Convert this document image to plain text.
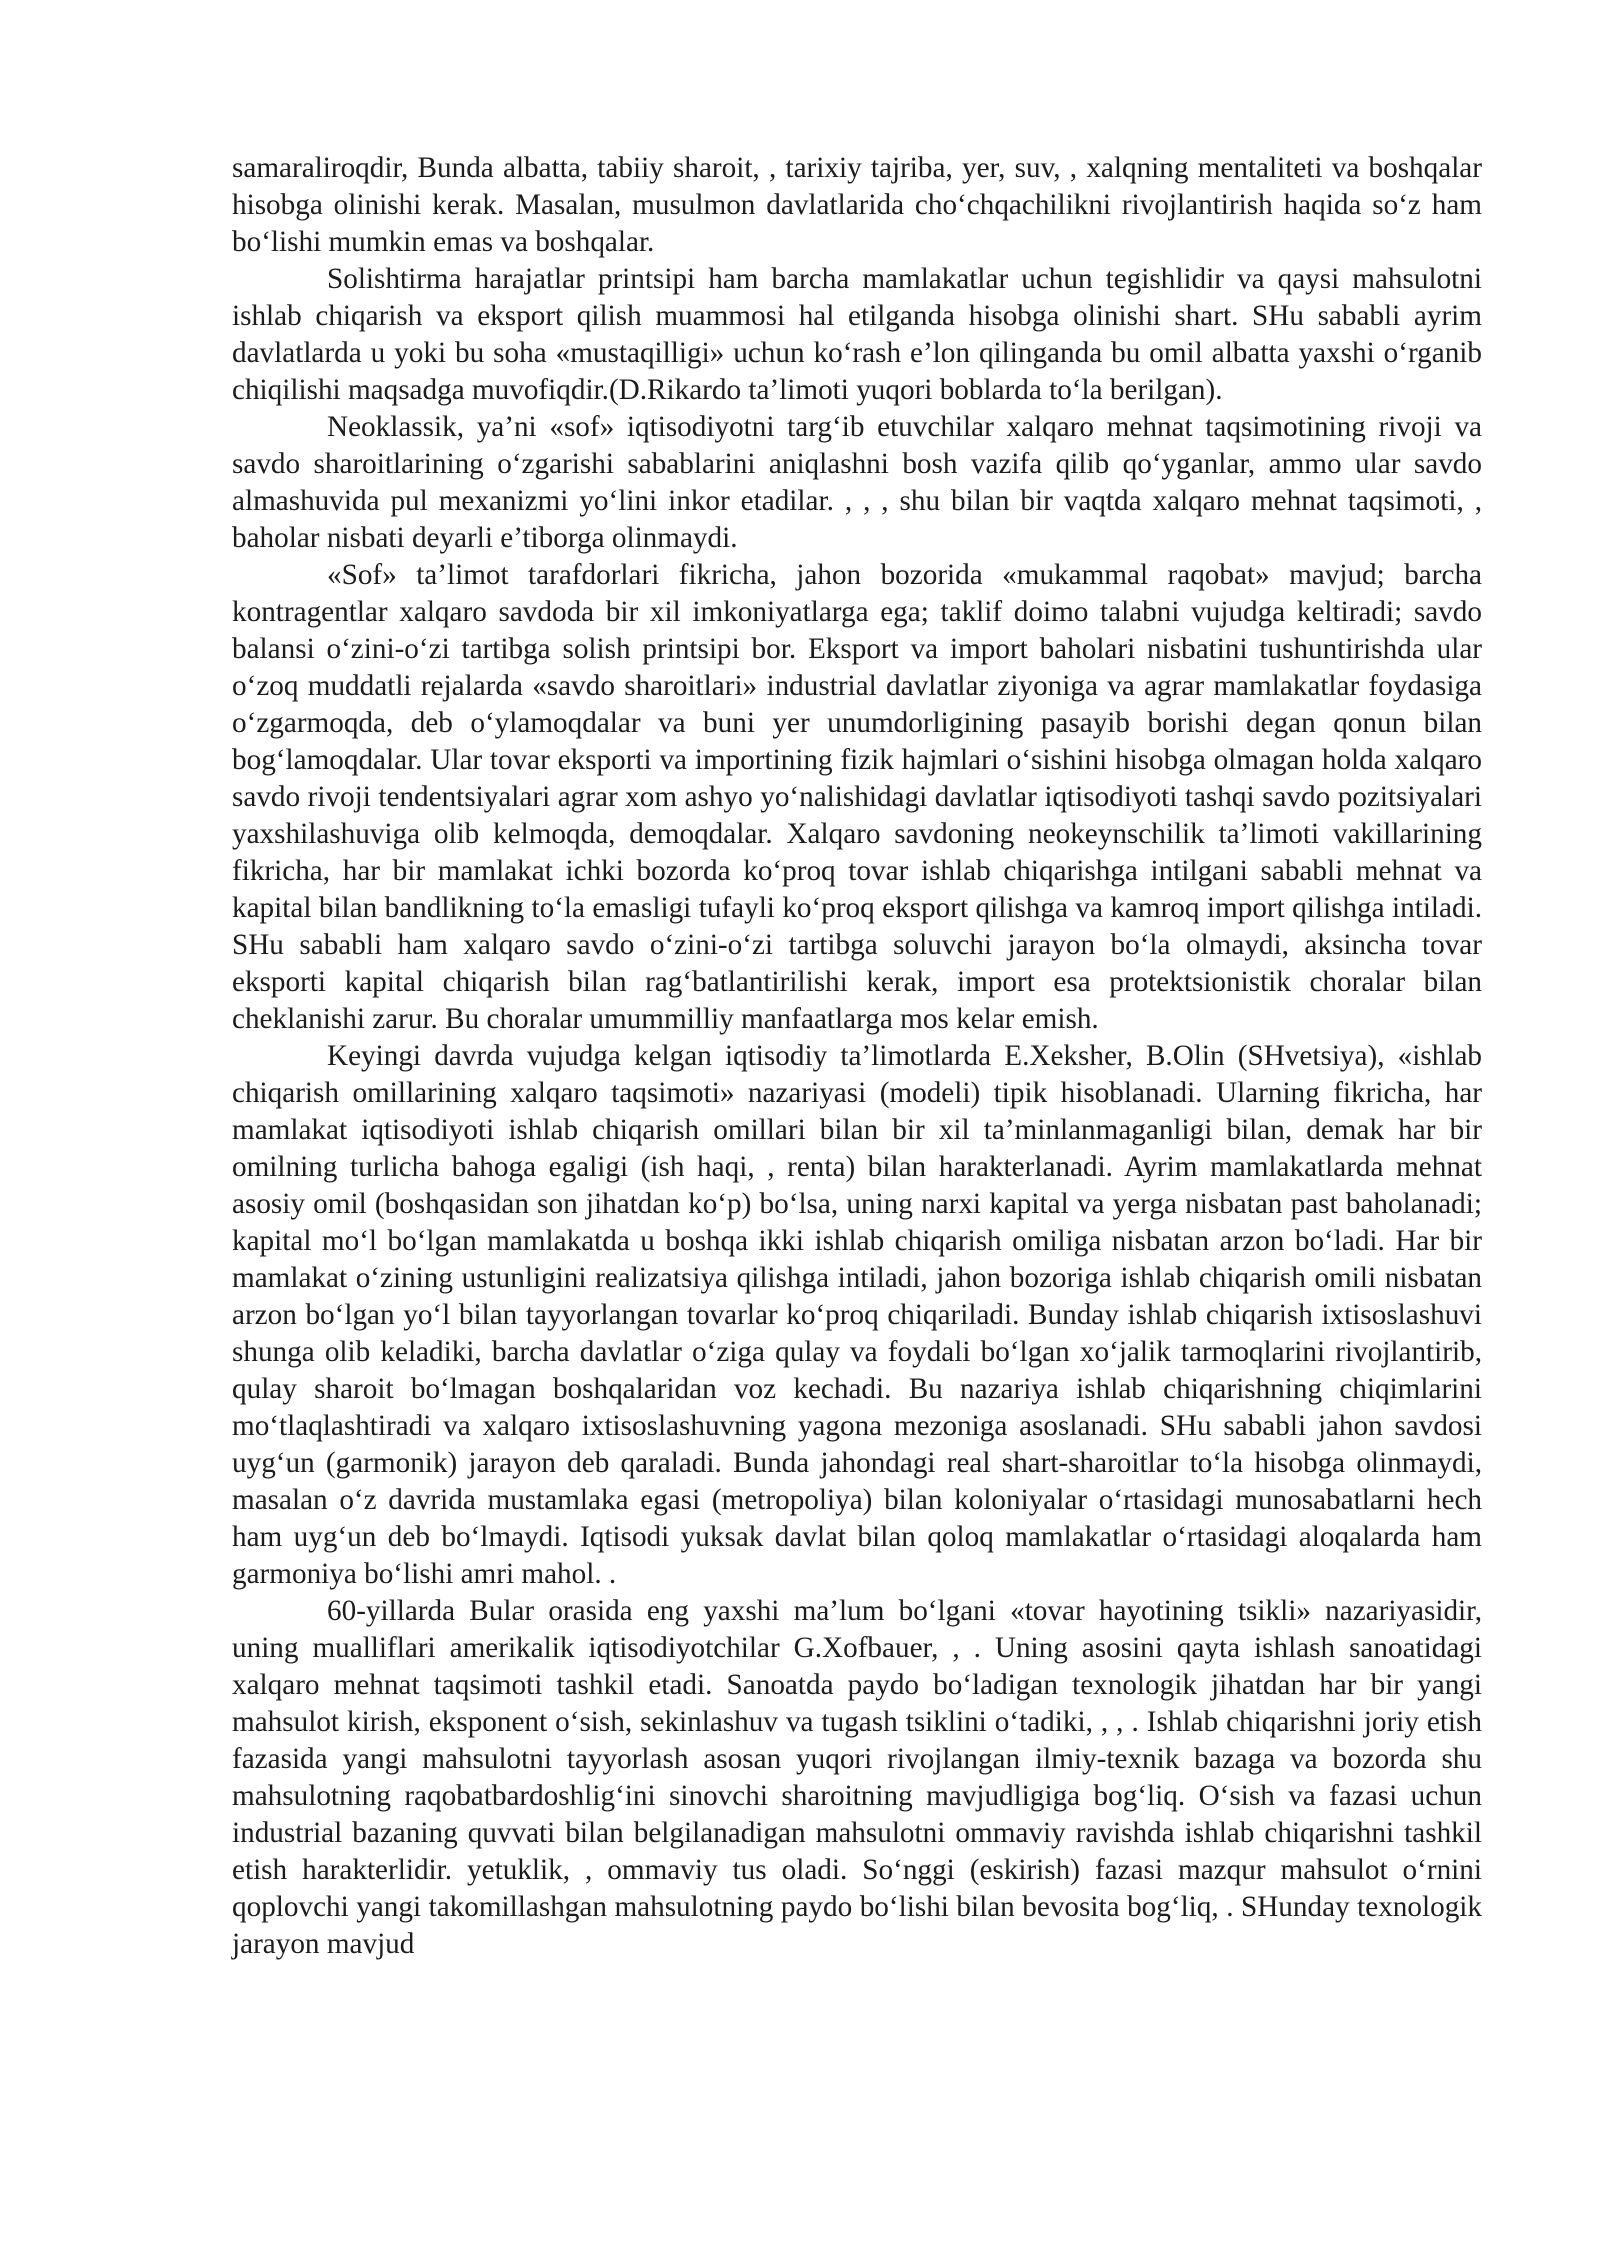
samaraliroqdir, Bunda albatta, tabiiy sharoit, , tarixiy tajriba, yer, suv, , xalqning mentaliteti va boshqalar hisobga olinishi kerak. Masalan, musulmon davlatlarida cho‘chqachilikni rivojlantirish haqida so‘z ham bo‘lishi mumkin emas va boshqalar.

Solishtirma harajatlar printsipi ham barcha mamlakatlar uchun tegishlidir va qaysi mahsulotni ishlab chiqarish va eksport qilish muammosi hal etilganda hisobga olinishi shart. SHu sababli ayrim davlatlarda u yoki bu soha «mustaqilligi» uchun ko‘rash e’lon qilinganda bu omil albatta yaxshi o‘rganib chiqilishi maqsadga muvofiqdir.(D.Rikardo ta’limoti yuqori boblarda to‘la berilgan).

Neoklassik, ya’ni «sof» iqtisodiyotni targ‘ib etuvchilar xalqaro mehnat taqsimotining rivoji va savdo sharoitlarining o‘zgarishi sabablarini aniqlashni bosh vazifa qilib qo‘yganlar, ammo ular savdo almashuvida pul mexanizmi yo‘lini inkor etadilar. , , , shu bilan bir vaqtda xalqaro mehnat taqsimoti, , baholar nisbati deyarli e’tiborga olinmaydi.

«Sof» ta’limot tarafdorlari fikricha, jahon bozorida «mukammal raqobat» mavjud; barcha kontragentlar xalqaro savdoda bir xil imkoniyatlarga ega; taklif doimo talabni vujudga keltiradi; savdo balansi o‘zini-o‘zi tartibga solish printsipi bor. Eksport va import baholari nisbatini tushuntirishda ular o‘zoq muddatli rejalarda «savdo sharoitlari» industrial davlatlar ziyoniga va agrar mamlakatlar foydasiga o‘zgarmoqda, deb o‘ylamoqdalar va buni yer unumdorligining pasayib borishi degan qonun bilan bog‘lamoqdalar. Ular tovar eksporti va importining fizik hajmlari o‘sishini hisobga olmagan holda xalqaro savdo rivoji tendentsiyalari agrar xom ashyo yo‘nalishidagi davlatlar iqtisodiyoti tashqi savdo pozitsiyalari yaxshilashuviga olib kelmoqda, demoqdalar. Xalqaro savdoning neokeynschilik ta’limoti vakillarining fikricha, har bir mamlakat ichki bozorda ko‘proq tovar ishlab chiqarishga intilgani sababli mehnat va kapital bilan bandlikning to‘la emasligi tufayli ko‘proq eksport qilishga va kamroq import qilishga intiladi. SHu sababli ham xalqaro savdo o‘zini-o‘zi tartibga soluvchi jarayon bo‘la olmaydi, aksincha tovar eksporti kapital chiqarish bilan rag‘batlantirilishi kerak, import esa protektsionistik choralar bilan cheklanishi zarur. Bu choralar umummilliy manfaatlarga mos kelar emish.

Keyingi davrda vujudga kelgan iqtisodiy ta’limotlarda E.Xeksher, B.Olin (SHvetsiya), «ishlab chiqarish omillarining xalqaro taqsimoti» nazariyasi (modeli) tipik hisoblanadi. Ularning fikricha, har mamlakat iqtisodiyoti ishlab chiqarish omillari bilan bir xil ta’minlanmaganligi bilan, demak har bir omilning turlicha bahoga egaligi (ish haqi, , renta) bilan harakterlanadi. Ayrim mamlakatlarda mehnat asosiy omil (boshqasidan son jihatdan ko‘p) bo‘lsa, uning narxi kapital va yerga nisbatan past baholanadi; kapital mo‘l bo‘lgan mamlakatda u boshqa ikki ishlab chiqarish omiliga nisbatan arzon bo‘ladi. Har bir mamlakat o‘zining ustunligini realizatsiya qilishga intiladi, jahon bozoriga ishlab chiqarish omili nisbatan arzon bo‘lgan yo‘l bilan tayyorlangan tovarlar ko‘proq chiqariladi. Bunday ishlab chiqarish ixtisoslashuvi shunga olib keladiki, barcha davlatlar o‘ziga qulay va foydali bo‘lgan xo‘jalik tarmoqlarini rivojlantirib, qulay sharoit bo‘lmagan boshqalaridan voz kechadi. Bu nazariya ishlab chiqarishning chiqimlarini mo‘tlaqlashtiradi va xalqaro ixtisoslashuvning yagona mezoniga asoslanadi. SHu sababli jahon savdosi uyg‘un (garmonik) jarayon deb qaraladi. Bunda jahondagi real shart-sharoitlar to‘la hisobga olinmaydi, masalan o‘z davrida mustamlaka egasi (metropoliya) bilan koloniyalar o‘rtasidagi munosabatlarni hech ham uyg‘un deb bo‘lmaydi. Iqtisodi yuksak davlat bilan qoloq mamlakatlar o‘rtasidagi aloqalarda ham garmoniya bo‘lishi amri mahol. .

60-yillarda Bular orasida eng yaxshi ma’lum bo‘lgani «tovar hayotining tsikli» nazariyasidir, uning mualliflari amerikalik iqtisodiyotchilar G.Xofbauer, , . Uning asosini qayta ishlash sanoatidagi xalqaro mehnat taqsimoti tashkil etadi. Sanoatda paydo bo‘ladigan texnologik jihatdan har bir yangi mahsulot kirish, eksponent o‘sish, sekinlashuv va tugash tsiklini o‘tadiki, , , . Ishlab chiqarishni joriy etish fazasida yangi mahsulotni tayyorlash asosan yuqori rivojlangan ilmiy-texnik bazaga va bozorda shu mahsulotning raqobatbardoshlig‘ini sinovchi sharoitning mavjudligiga bog‘liq. O‘sish va fazasi uchun industrial bazaning quvvati bilan belgilanadigan mahsulotni ommaviy ravishda ishlab chiqarishni tashkil etish harakterlidir. yetuklik, , ommaviy tus oladi. So‘nggi (eskirish) fazasi mazqur mahsulot o‘rnini qoplovchi yangi takomillashgan mahsulotning paydo bo‘lishi bilan bevosita bog‘liq, . SHunday texnologik jarayon mavjud
